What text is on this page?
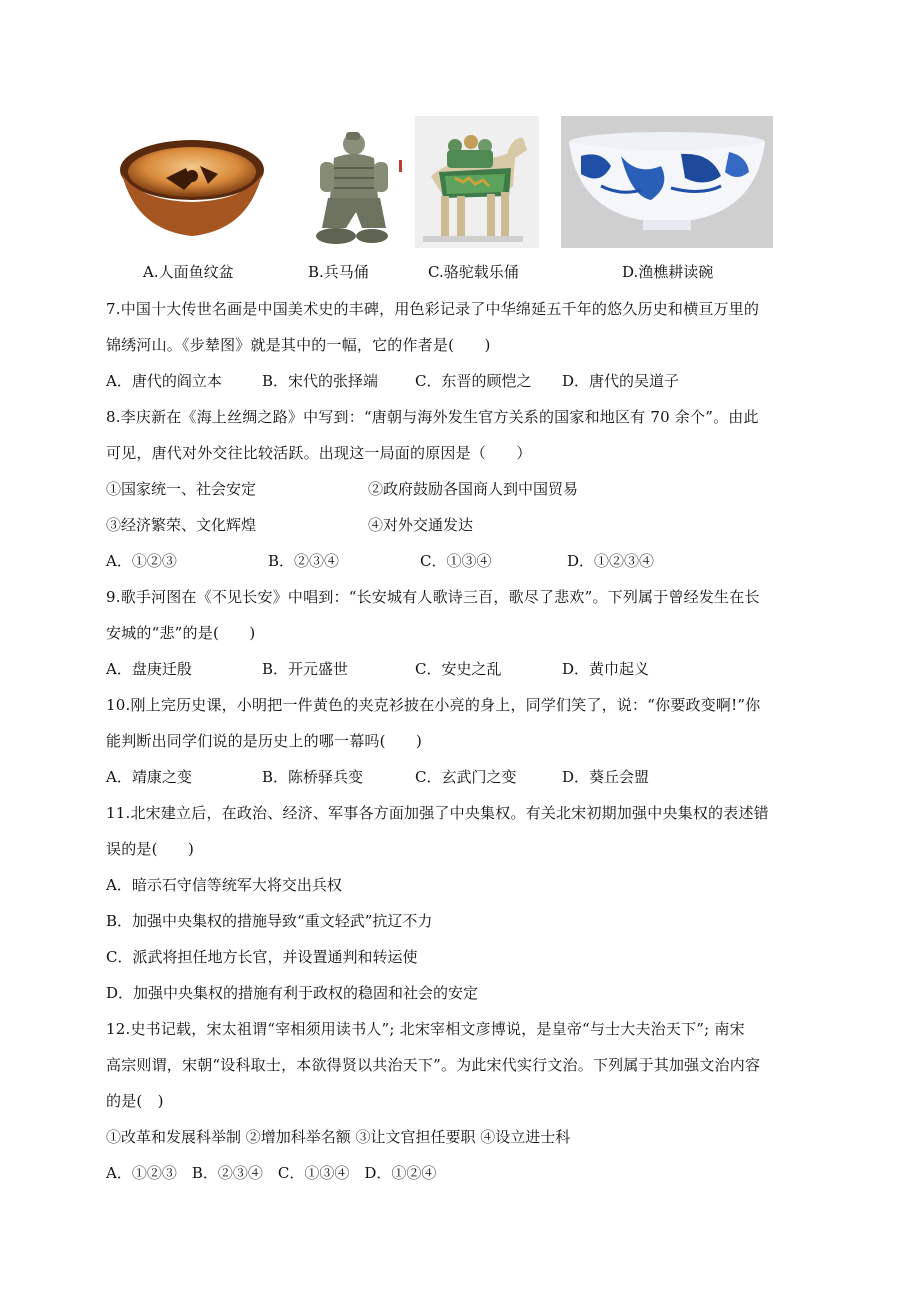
A.人面鱼纹盆	B.兵马俑	C.骆驼载乐俑	D.渔樵耕读碗
7.中国十大传世名画是中国美术史的丰碑，用色彩记录了中华绵延五千年的悠久历史和横亘万里的
锦绣河山。《步辇图》就是其中的一幅，它的作者是(　　)
A．唐代的阎立本	B．宋代的张择端 C．东晋的顾恺之 D．唐代的吴道子
8.李庆新在《海上丝绸之路》中写到：“唐朝与海外发生官方关系的国家和地区有 70 余个”。由此
可见，唐代对外交往比较活跃。出现这一局面的原因是（　　）
①国家统一、社会安定	②政府鼓励各国商人到中国贸易
③经济繁荣、文化辉煌	④对外交通发达
A．①②③	B．②③④	C．①③④	D．①②③④
9.歌手河图在《不见长安》中唱到：“长安城有人歌诗三百，歌尽了悲欢”。下列属于曾经发生在长
安城的“悲”的是(　　)
A．盘庚迁殷	B．开元盛世	C．安史之乱	D．黄巾起义
10.刚上完历史课，小明把一件黄色的夹克衫披在小亮的身上，同学们笑了，说：“你要政变啊!”你
能判断出同学们说的是历史上的哪一幕吗(　　)
A．靖康之变	B．陈桥驿兵变	C．玄武门之变	D．葵丘会盟
11.北宋建立后，在政治、经济、军事各方面加强了中央集权。有关北宋初期加强中央集权的表述错
误的是(　　)
A．暗示石守信等统军大将交出兵权
B．加强中央集权的措施导致“重文轻武”抗辽不力
C．派武将担任地方长官，并设置通判和转运使
D．加强中央集权的措施有利于政权的稳固和社会的安定
12.史书记载，宋太祖谓“宰相须用读书人”; 北宋宰相文彦博说，是皇帝“与士大夫治天下”; 南宋
高宗则谓，宋朝“设科取士，本欲得贤以共治天下”。为此宋代实行文治。下列属于其加强文治内容
的是(　)
①改革和发展科举制 ②增加科举名额 ③让文官担任要职 ④设立进士科
A．①②③　B．②③④　C．①③④　D．①②④
